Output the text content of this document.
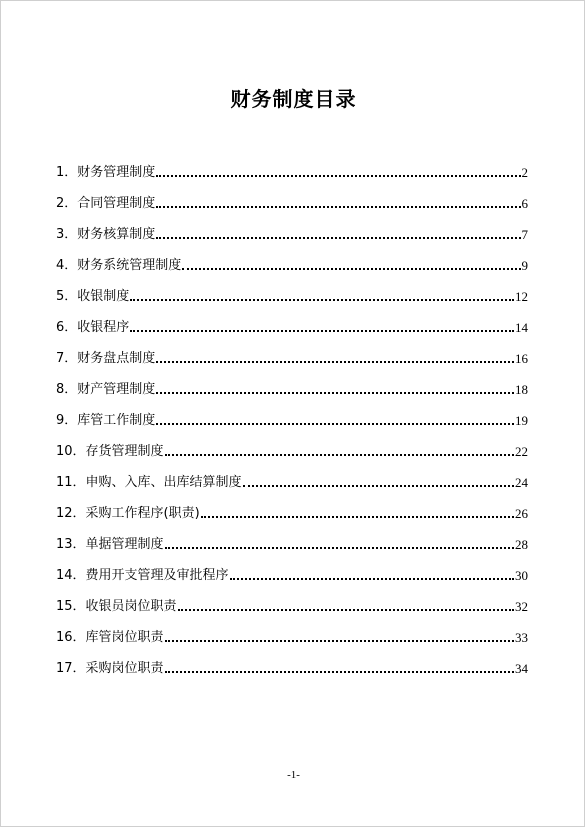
财务制度目录
1． 财务管理制度	2
2． 合同管理制度	6
3． 财务核算制度	7
4． 财务系统管理制度	9
5． 收银制度	12
6． 收银程序	14
7． 财务盘点制度	16
8． 财产管理制度	18
9． 库管工作制度	19
10． 存货管理制度	22
11． 申购、入库、出库结算制度	24
12． 采购工作程序(职责)	26
13． 单据管理制度	28
14． 费用开支管理及审批程序	30
15． 收银员岗位职责	32
16． 库管岗位职责	33
17． 采购岗位职责	34
-1-
